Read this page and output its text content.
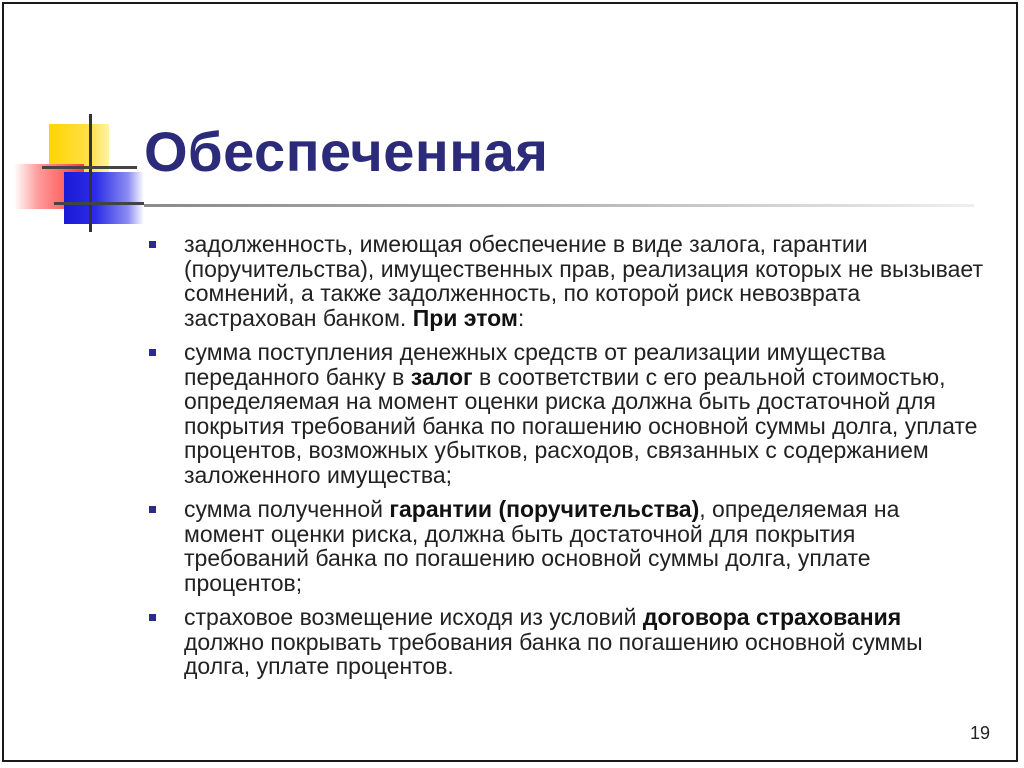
Обеспеченная
задолженность, имеющая обеспечение в виде залога, гарантии (поручительства), имущественных прав, реализация которых не вызывает сомнений, а также задолженность, по которой риск невозврата застрахован банком. При этом:
сумма поступления денежных средств от реализации имущества переданного банку в залог в соответствии с его реальной стоимостью, определяемая на момент оценки риска должна быть достаточной для покрытия требований банка по погашению основной суммы долга, уплате процентов, возможных убытков, расходов, связанных с содержанием заложенного имущества;
сумма полученной гарантии (поручительства), определяемая на момент оценки риска, должна быть достаточной для покрытия требований банка по погашению основной суммы долга, уплате процентов;
страховое возмещение исходя из условий договора страхования должно покрывать требования банка по погашению основной суммы долга, уплате процентов.
19
